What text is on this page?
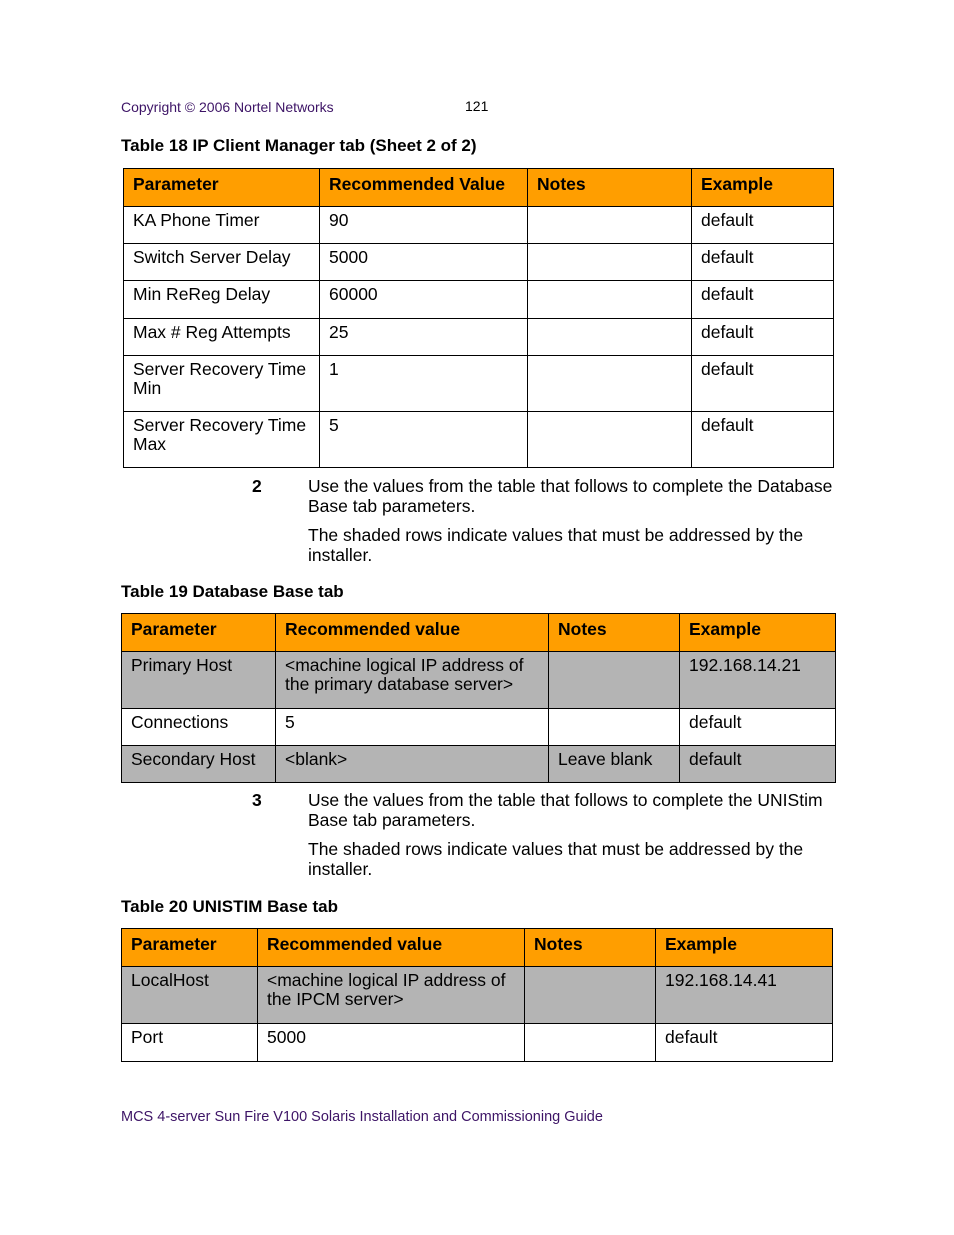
Copyright © 2006 Nortel Networks	121
Table 18 IP Client Manager tab (Sheet 2 of 2)
Parameter	Recommended Value	Notes	Example
KA Phone Timer	90		default
Switch Server Delay	5000		default
Min ReReg Delay	60000		default
Max # Reg Attempts	25		default
Server Recovery Time Min	1		default
Server Recovery Time Max	5		default
2	Use the values from the table that follows to complete the Database Base tab parameters.

The shaded rows indicate values that must be addressed by the installer.

Table 19 Database Base tab
Parameter	Recommended value	Notes	Example
Primary Host	<machine logical IP address of the primary database server>		192.168.14.21
Connections	5		default
Secondary Host	<blank>	Leave blank	default
3	Use the values from the table that follows to complete the UNIStim Base tab parameters.

The shaded rows indicate values that must be addressed by the installer.

Table 20 UNISTIM Base tab
Parameter	Recommended value	Notes	Example
LocalHost	<machine logical IP address of the IPCM server>		192.168.14.41
Port	5000		default
MCS 4-server Sun Fire V100 Solaris Installation and Commissioning Guide
